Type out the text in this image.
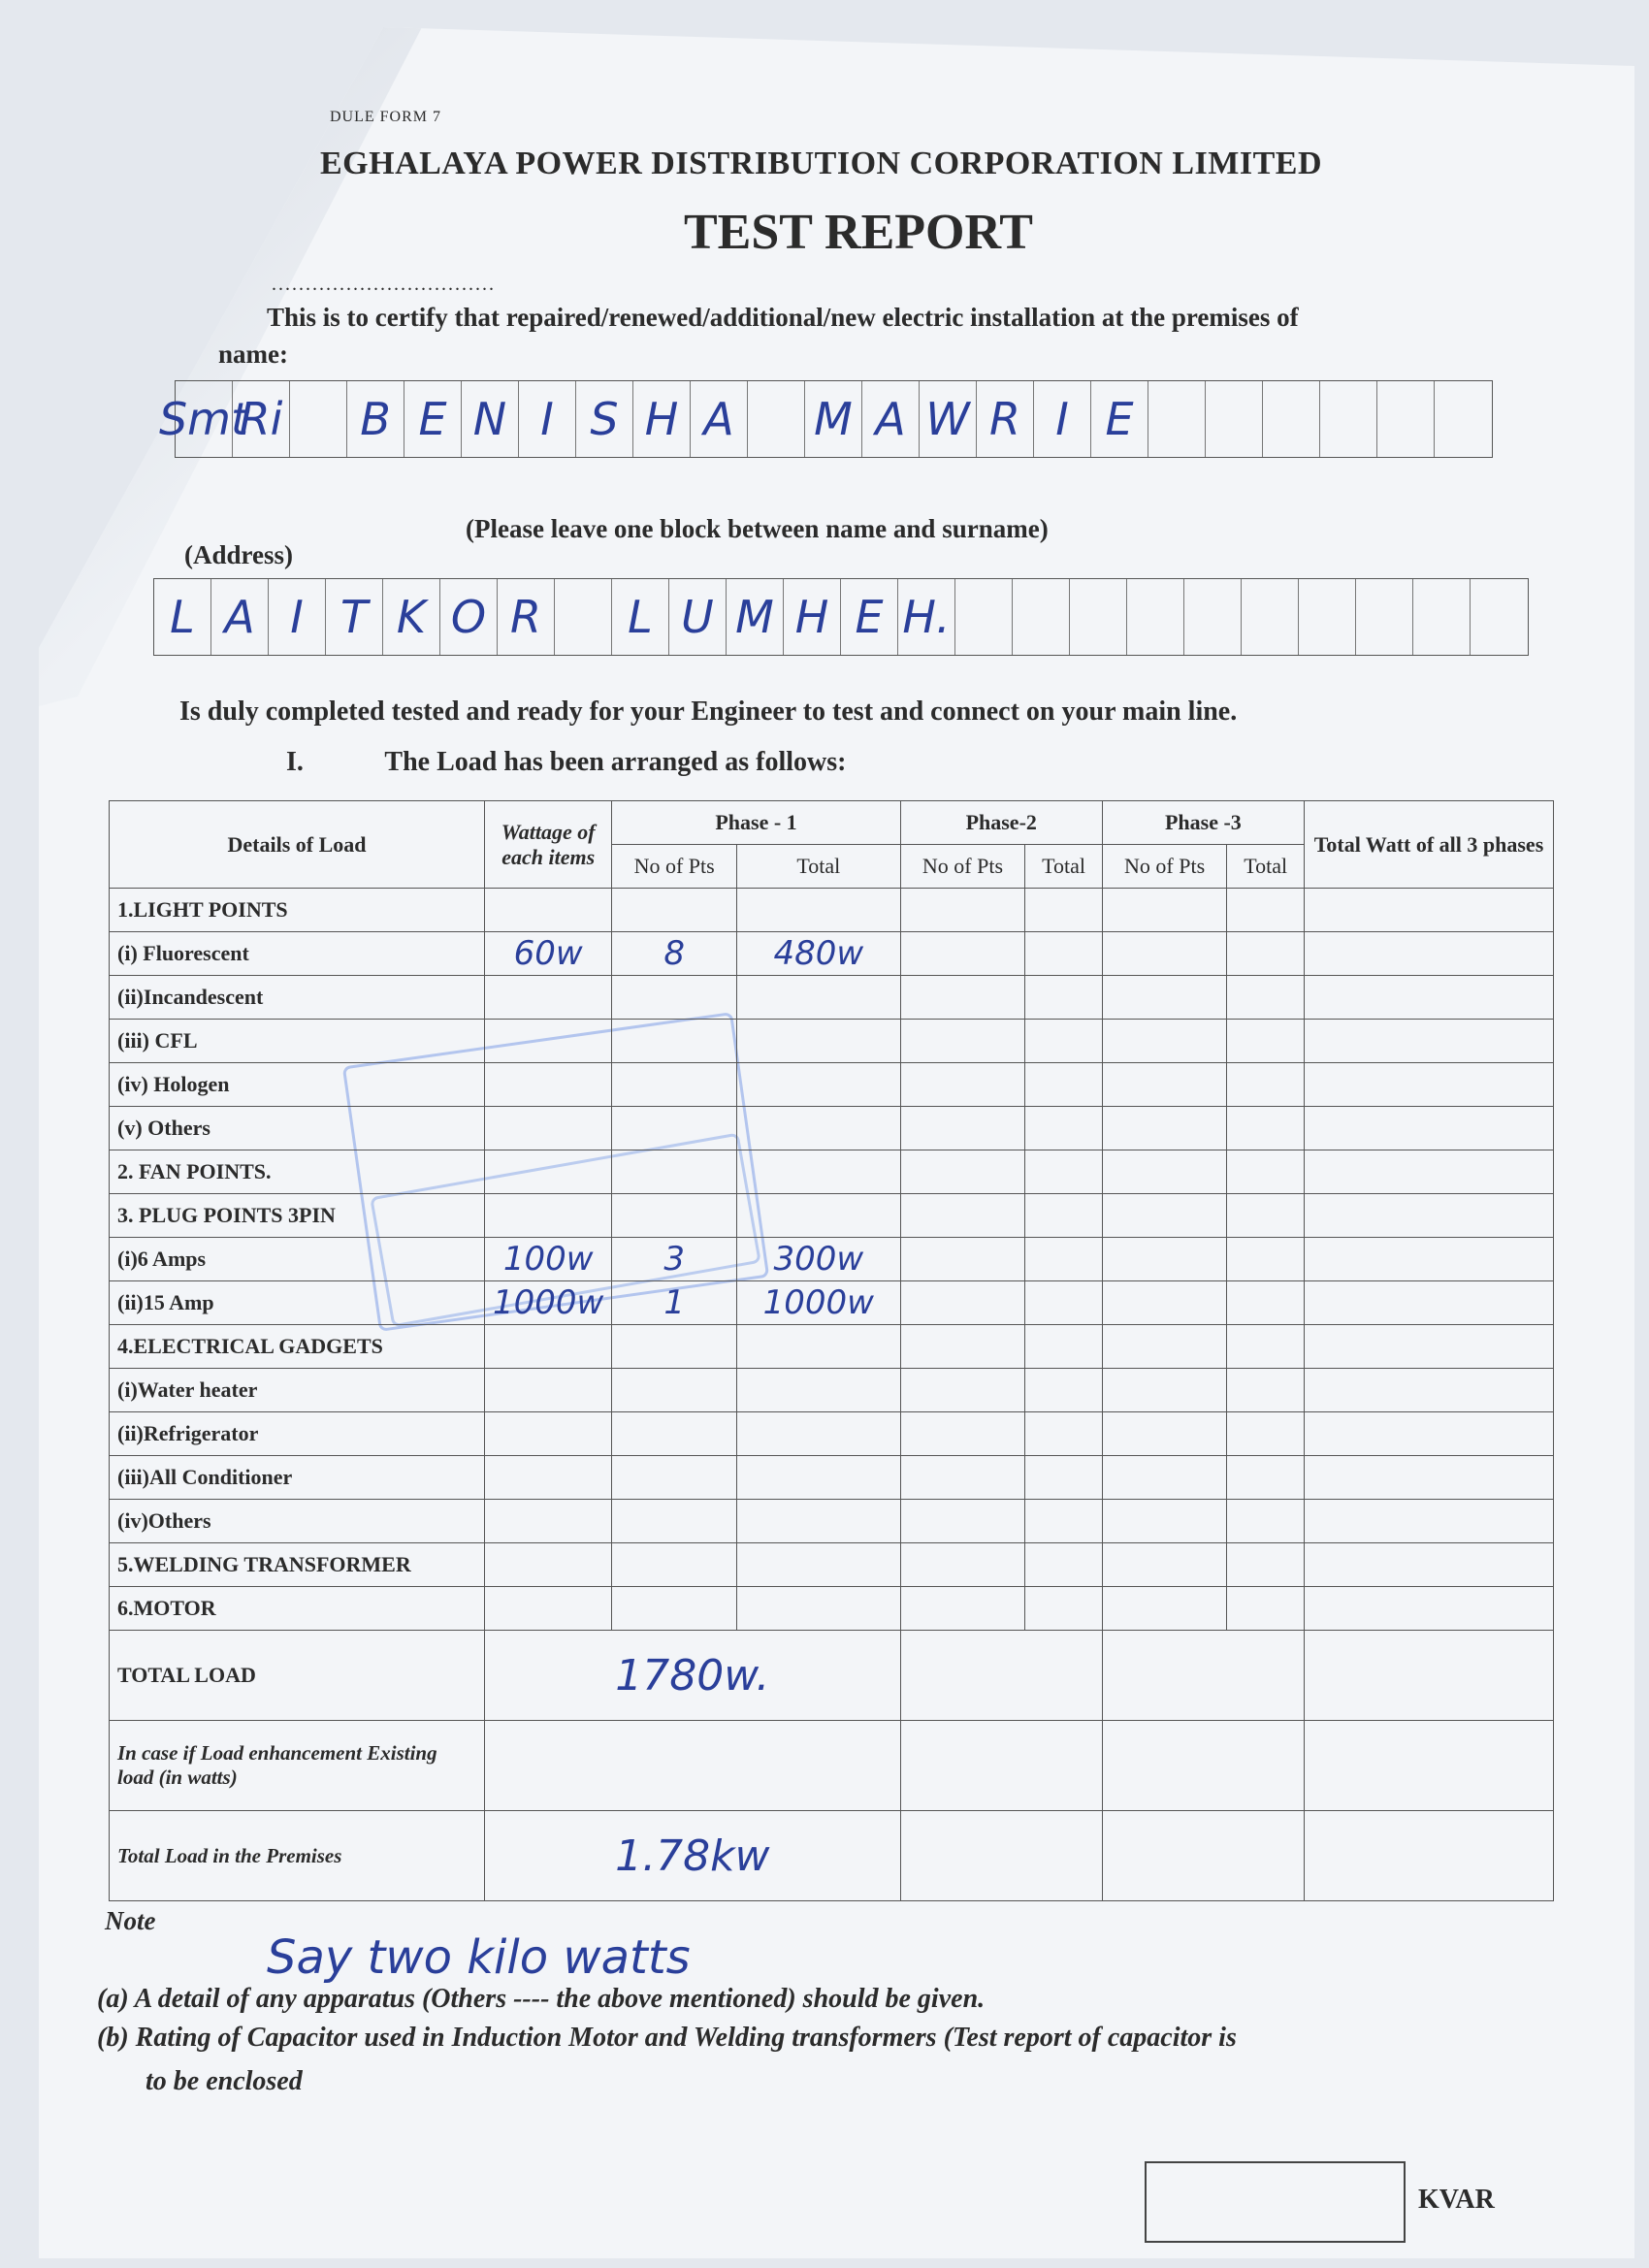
DULE FORM 7
EGHALAYA POWER DISTRIBUTION CORPORATION LIMITED
TEST REPORT
.................................
This is to certify that repaired/renewed/additional/new electric installation at the premises of
name:
Smt
Ri B E N I S H A	M A W R I E
(Please leave one block between name and surname)
(Address)
L A I T K O R	L U M H E H.
Is duly completed tested and ready for your Engineer to test and connect on your main line.
I.	The Load has been arranged as follows:
Details of Load	Wattage of each items	Phase - 1		Phase-2		Phase -3		Total Watt of all 3 phases
		No of Pts	Total	No of Pts	Total	No of Pts	Total	
1.LIGHT POINTS								
(i) Fluorescent	60w	8	480w					
(ii)Incandescent								
(iii) CFL								
(iv) Hologen								
(v) Others								
2. FAN POINTS.								
3. PLUG POINTS 3PIN								
(i)6 Amps	100w	3	300w					
(ii)15 Amp	1000w	1	1000w					
4.ELECTRICAL GADGETS								
(i)Water heater								
(ii)Refrigerator								
(iii)All Conditioner								
(iv)Others								
5.WELDING TRANSFORMER								
6.MOTOR								
TOTAL LOAD	1780w.							
In case if Load enhancement Existing load (in watts)								
Total Load in the Premises	1.78kw							
Note
Say two kilo watts
(a) A detail of any apparatus (Others ---- the above mentioned) should be given.
(b) Rating of Capacitor used in Induction Motor and Welding transformers (Test report of capacitor is
to be enclosed
KVAR
